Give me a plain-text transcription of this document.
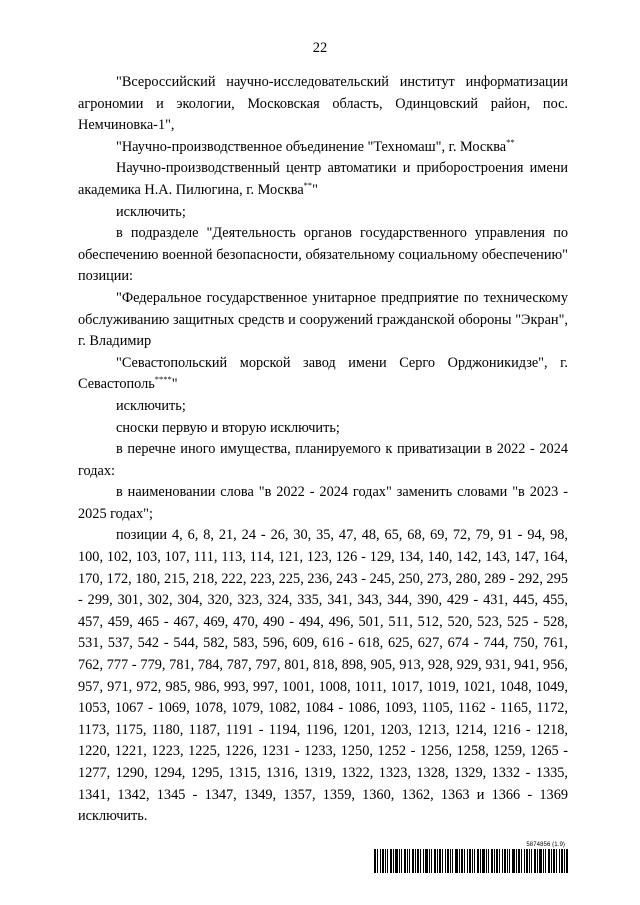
22

"Всероссийский научно-исследовательский институт информатизации агрономии и экологии, Московская область, Одинцовский район, пос. Немчиновка-1",

"Научно-производственное объединение "Техномаш", г. Москва**

Научно-производственный центр автоматики и приборостроения имени академика Н.А. Пилюгина, г. Москва**"

исключить;

в подразделе "Деятельность органов государственного управления по обеспечению военной безопасности, обязательному социальному обеспечению" позиции:

"Федеральное государственное унитарное предприятие по техническому обслуживанию защитных средств и сооружений гражданской обороны "Экран", г. Владимир

"Севастопольский морской завод имени Серго Орджоникидзе", г. Севастополь****"

исключить;

сноски первую и вторую исключить;

в перечне иного имущества, планируемого к приватизации в 2022 - 2024 годах:

в наименовании слова "в 2022 - 2024 годах" заменить словами "в 2023 - 2025 годах";

позиции 4, 6, 8, 21, 24 - 26, 30, 35, 47, 48, 65, 68, 69, 72, 79, 91 - 94, 98, 100, 102, 103, 107, 111, 113, 114, 121, 123, 126 - 129, 134, 140, 142, 143, 147, 164, 170, 172, 180, 215, 218, 222, 223, 225, 236, 243 - 245, 250, 273, 280, 289 - 292, 295 - 299, 301, 302, 304, 320, 323, 324, 335, 341, 343, 344, 390, 429 - 431, 445, 455, 457, 459, 465 - 467, 469, 470, 490 - 494, 496, 501, 511, 512, 520, 523, 525 - 528, 531, 537, 542 - 544, 582, 583, 596, 609, 616 - 618, 625, 627, 674 - 744, 750, 761, 762, 777 - 779, 781, 784, 787, 797, 801, 818, 898, 905, 913, 928, 929, 931, 941, 956, 957, 971, 972, 985, 986, 993, 997, 1001, 1008, 1011, 1017, 1019, 1021, 1048, 1049, 1053, 1067 - 1069, 1078, 1079, 1082, 1084 - 1086, 1093, 1105, 1162 - 1165, 1172, 1173, 1175, 1180, 1187, 1191 - 1194, 1196, 1201, 1203, 1213, 1214, 1216 - 1218, 1220, 1221, 1223, 1225, 1226, 1231 - 1233, 1250, 1252 - 1256, 1258, 1259, 1265 - 1277, 1290, 1294, 1295, 1315, 1316, 1319, 1322, 1323, 1328, 1329, 1332 - 1335, 1341, 1342, 1345 - 1347, 1349, 1357, 1359, 1360, 1362, 1363 и 1366 - 1369 исключить.

5874856 (1.9)
